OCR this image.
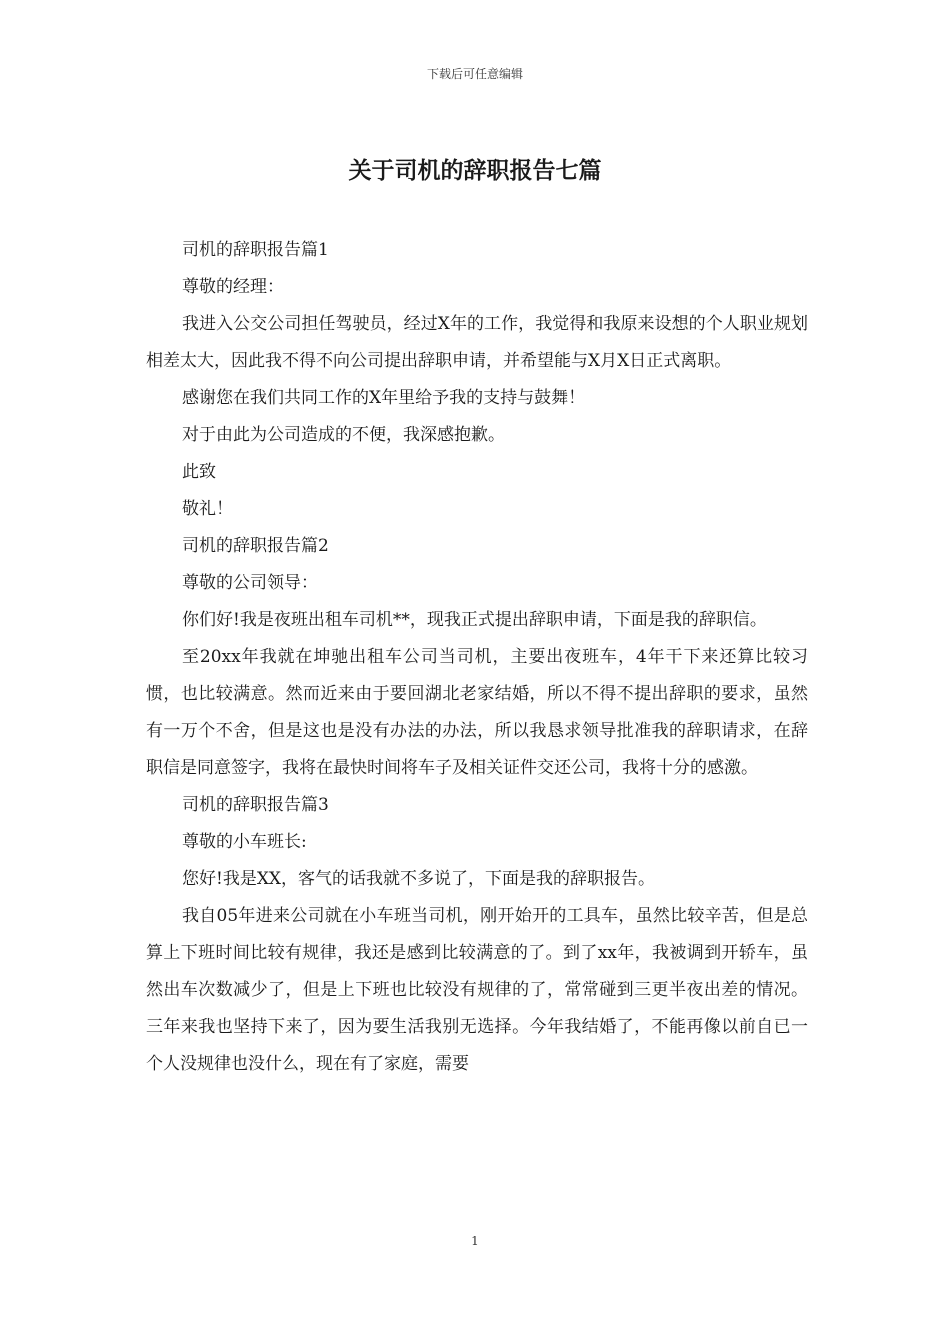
下载后可任意编辑
关于司机的辞职报告七篇

司机的辞职报告篇1

尊敬的经理：

我进入公交公司担任驾驶员，经过X年的工作，我觉得和我原来设想的个人职业规划相差太大，因此我不得不向公司提出辞职申请，并希望能与X月X日正式离职。

感谢您在我们共同工作的X年里给予我的支持与鼓舞！

对于由此为公司造成的不便，我深感抱歉。

此致

敬礼！

司机的辞职报告篇2

尊敬的公司领导：

你们好!我是夜班出租车司机**，现我正式提出辞职申请，下面是我的辞职信。

至20xx年我就在坤驰出租车公司当司机，主要出夜班车，4年干下来还算比较习惯，也比较满意。然而近来由于要回湖北老家结婚，所以不得不提出辞职的要求，虽然有一万个不舍，但是这也是没有办法的办法，所以我恳求领导批准我的辞职请求，在辞职信是同意签字，我将在最快时间将车子及相关证件交还公司，我将十分的感激。

司机的辞职报告篇3

尊敬的小车班长:

您好!我是XX，客气的话我就不多说了，下面是我的辞职报告。

我自05年进来公司就在小车班当司机，刚开始开的工具车，虽然比较辛苦，但是总算上下班时间比较有规律，我还是感到比较满意的了。到了xx年，我被调到开轿车，虽然出车次数减少了，但是上下班也比较没有规律的了，常常碰到三更半夜出差的情况。三年来我也坚持下来了，因为要生活我别无选择。今年我结婚了，不能再像以前自已一个人没规律也没什么，现在有了家庭，需要

1
